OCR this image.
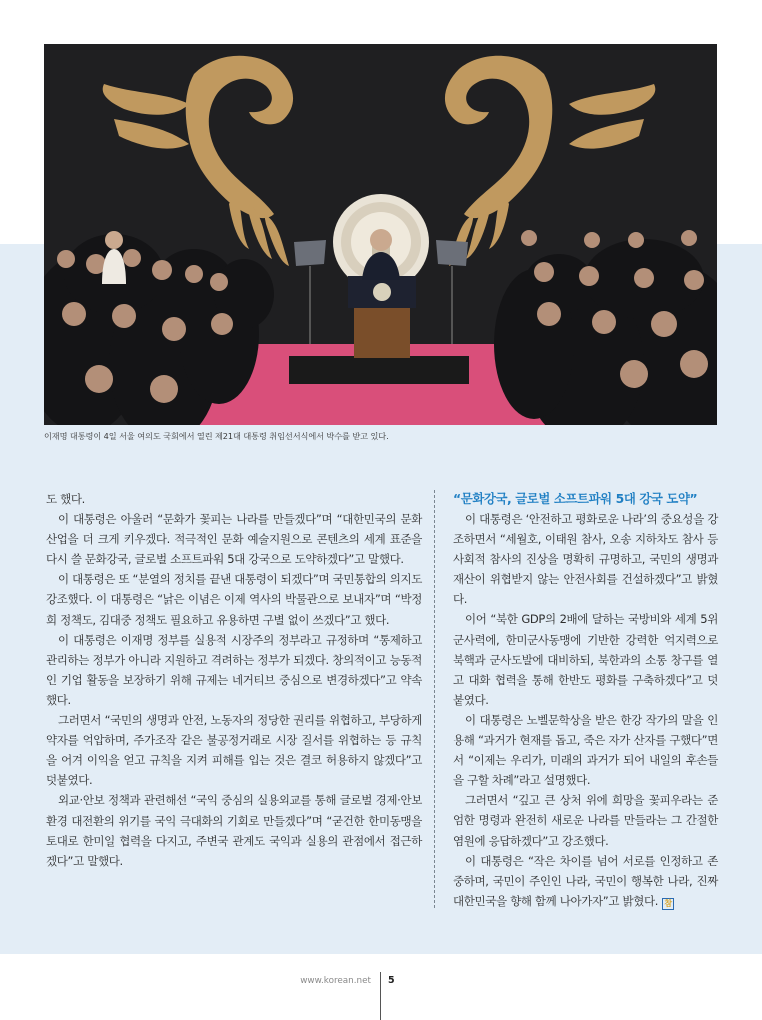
이재명 대통령이 4일 서울 여의도 국회에서 열린 제21대 대통령 취임선서식에서 박수를 받고 있다.

도 했다.

이 대통령은 아울러 “문화가 꽃피는 나라를 만들겠다”며 “대한민국의 문화산업을 더 크게 키우겠다. 적극적인 문화 예술지원으로 콘텐츠의 세계 표준을 다시 쓸 문화강국, 글로벌 소프트파워 5대 강국으로 도약하겠다”고 말했다.

이 대통령은 또 “분열의 정치를 끝낸 대통령이 되겠다”며 국민통합의 의지도 강조했다. 이 대통령은 “낡은 이념은 이제 역사의 박물관으로 보내자”며 “박정희 정책도, 김대중 정책도 필요하고 유용하면 구별 없이 쓰겠다”고 했다.

이 대통령은 이재명 정부를 실용적 시장주의 정부라고 규정하며 “통제하고 관리하는 정부가 아니라 지원하고 격려하는 정부가 되겠다. 창의적이고 능동적인 기업 활동을 보장하기 위해 규제는 네거티브 중심으로 변경하겠다”고 약속했다.

그러면서 “국민의 생명과 안전, 노동자의 정당한 권리를 위협하고, 부당하게 약자를 억압하며, 주가조작 같은 불공정거래로 시장 질서를 위협하는 등 규칙을 어겨 이익을 얻고 규칙을 지켜 피해를 입는 것은 결코 허용하지 않겠다”고 덧붙였다.

외교·안보 정책과 관련해선 “국익 중심의 실용외교를 통해 글로벌 경제·안보환경 대전환의 위기를 국익 극대화의 기회로 만들겠다”며 “굳건한 한미동맹을 토대로 한미일 협력을 다지고, 주변국 관계도 국익과 실용의 관점에서 접근하겠다”고 말했다.

“문화강국, 글로벌 소프트파워 5대 강국 도약”

이 대통령은 ‘안전하고 평화로운 나라’의 중요성을 강조하면서 “세월호, 이태원 참사, 오송 지하차도 참사 등 사회적 참사의 진상을 명확히 규명하고, 국민의 생명과 재산이 위협받지 않는 안전사회를 건설하겠다”고 밝혔다.

이어 “북한 GDP의 2배에 달하는 국방비와 세계 5위 군사력에, 한미군사동맹에 기반한 강력한 억지력으로 북핵과 군사도발에 대비하되, 북한과의 소통 창구를 열고 대화 협력을 통해 한반도 평화를 구축하겠다”고 덧붙였다.

이 대통령은 노벨문학상을 받은 한강 작가의 말을 인용해 “과거가 현재를 돕고, 죽은 자가 산자를 구했다”면서 “이제는 우리가, 미래의 과거가 되어 내일의 후손들을 구할 차례”라고 설명했다.

그러면서 “깊고 큰 상처 위에 희망을 꽃피우라는 준엄한 명령과 완전히 새로운 나라를 만들라는 그 간절한 염원에 응답하겠다”고 강조했다.

이 대통령은 “작은 차이를 넘어 서로를 인정하고 존중하며, 국민이 주인인 나라, 국민이 행복한 나라, 진짜 대한민국을 향해 함께 나아가자”고 밝혔다. 참

www.korean.net 5
